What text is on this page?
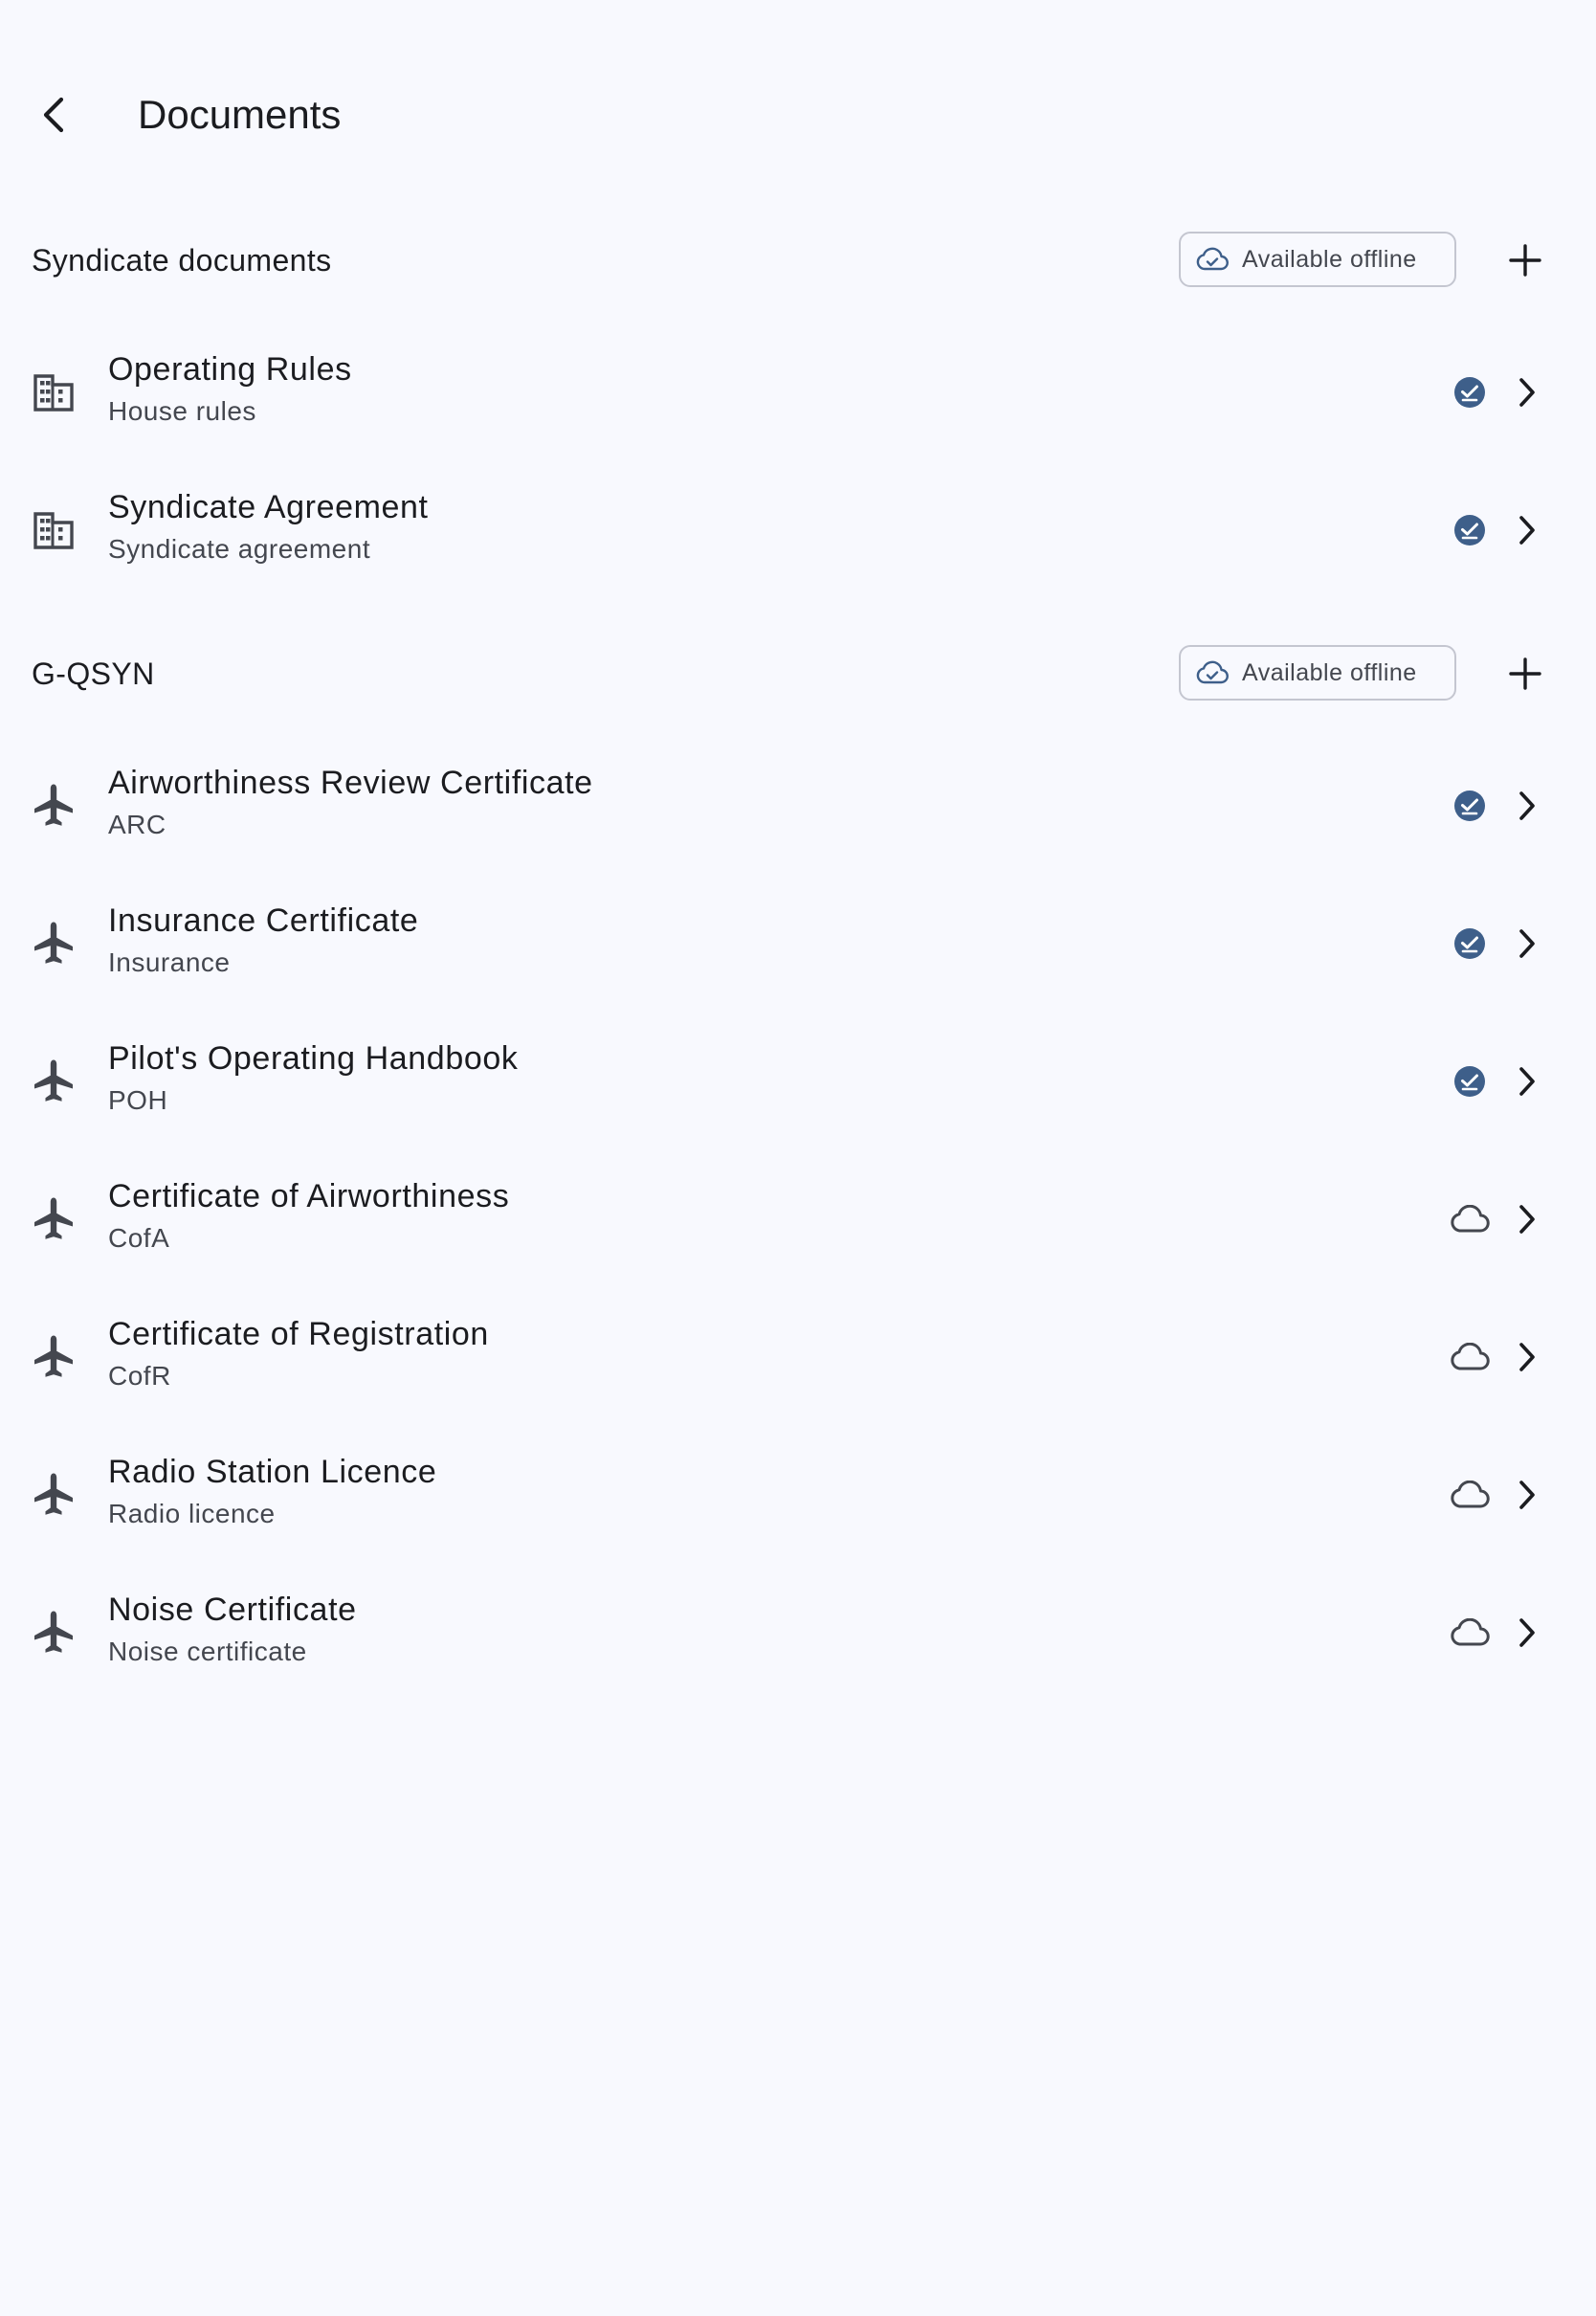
Documents
Syndicate documents	Available offline
Operating Rules
House rules
Syndicate Agreement
Syndicate agreement
G-QSYN	Available offline
Airworthiness Review Certificate
ARC
Insurance Certificate
Insurance
Pilot's Operating Handbook
POH
Certificate of Airworthiness
CofA
Certificate of Registration
CofR
Radio Station Licence
Radio licence
Noise Certificate
Noise certificate
